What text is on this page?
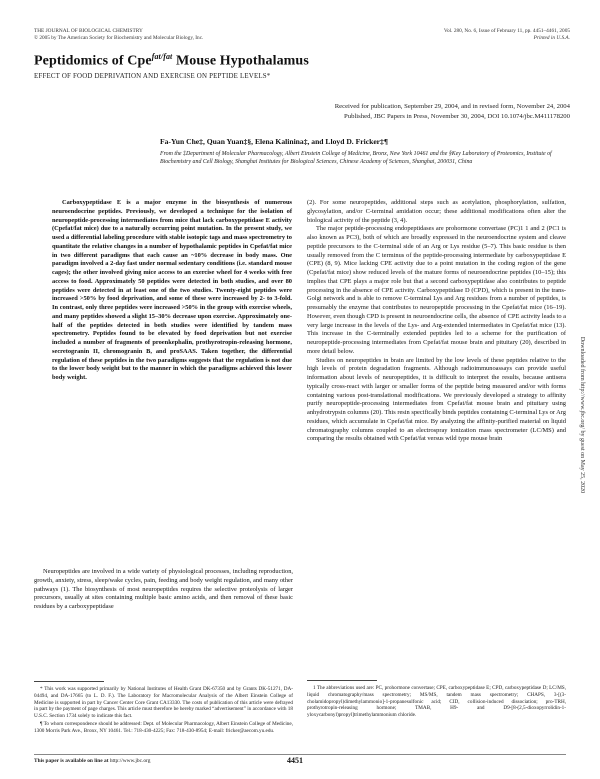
THE JOURNAL OF BIOLOGICAL CHEMISTRY
© 2005 by The American Society for Biochemistry and Molecular Biology, Inc.
Vol. 280, No. 6, Issue of February 11, pp. 4451–4461, 2005
Printed in U.S.A.
Peptidomics of Cpe$^{fat/fat}$ Mouse Hypothalamus
EFFECT OF FOOD DEPRIVATION AND EXERCISE ON PEPTIDE LEVELS*
Received for publication, September 29, 2004, and in revised form, November 24, 2004
Published, JBC Papers in Press, November 30, 2004, DOI 10.1074/jbc.M411178200
Fa-Yun Che‡, Quan Yuan‡§, Elena Kalinina‡, and Lloyd D. Fricker‡¶
From the ‡Department of Molecular Pharmacology, Albert Einstein College of Medicine, Bronx, New York 10461 and the §Key Laboratory of Proteomics, Institute of Biochemistry and Cell Biology, Shanghai Institutes for Biological Sciences, Chinese Academy of Sciences, Shanghai, 200031, China
Carboxypeptidase E is a major enzyme in the biosynthesis of numerous neuroendocrine peptides. Previously, we developed a technique for the isolation of neuropeptide-processing intermediates from mice that lack carboxypeptidase E activity (Cpefat/fat mice) due to a naturally occurring point mutation. In the present study, we used a differential labeling procedure with stable isotopic tags and mass spectrometry to quantitate the relative changes in a number of hypothalamic peptides in Cpefat/fat mice in two different paradigms that each cause an ~10% decrease in body mass. One paradigm involved a 2-day fast under normal sedentary conditions (i.e. standard mouse cages); the other involved giving mice access to an exercise wheel for 4 weeks with free access to food. Approximately 50 peptides were detected in both studies, and over 80 peptides were detected in at least one of the two studies. Twenty-eight peptides were increased >50% by food deprivation, and some of these were increased by 2- to 3-fold. In contrast, only three peptides were increased >50% in the group with exercise wheels, and many peptides showed a slight 15–30% decrease upon exercise. Approximately one-half of the peptides detected in both studies were identified by tandem mass spectrometry. Peptides found to be elevated by food deprivation but not exercise included a number of fragments of proenkephalin, prothyrotropin-releasing hormone, secretogranin II, chromogranin B, and proSAAS. Taken together, the differential regulation of these peptides in the two paradigms suggests that the regulation is not due to the lower body weight but to the manner in which the paradigms achieved this lower body weight.
Neuropeptides are involved in a wide variety of physiological processes, including reproduction, growth, anxiety, stress, sleep/wake cycles, pain, feeding and body weight regulation, and many other pathways (1). The biosynthesis of most neuropeptides requires the selective proteolysis of larger precursors, usually at sites containing multiple basic amino acids, and then removal of these basic residues by a carboxypeptidase

* This work was supported primarily by National Institutes of Health Grant DK-67350 and by Grants DK-51271, DA-04494, and DA-17665 (to L. D. F.). The Laboratory for Macromolecular Analysis of the Albert Einstein College of Medicine is supported in part by Cancer Center Core Grant CA13330. The costs of publication of this article were defrayed in part by the payment of page charges. This article must therefore be hereby marked “advertisement” in accordance with 18 U.S.C. Section 1734 solely to indicate this fact.

¶ To whom correspondence should be addressed: Dept. of Molecular Pharmacology, Albert Einstein College of Medicine, 1300 Morris Park Ave., Bronx, NY 10461. Tel.: 718-430-4225; Fax: 718-430-8954; E-mail: fricker@aecom.yu.edu.

(2). For some neuropeptides, additional steps such as acetylation, phosphorylation, sulfation, glycosylation, and/or C-terminal amidation occur; these additional modifications often alter the biological activity of the peptide (3, 4).

The major peptide-processing endopeptidases are prohormone convertase (PC)1 1 and 2 (PC1 is also known as PC3), both of which are broadly expressed in the neuroendocrine system and cleave peptide precursors to the C-terminal side of an Arg or Lys residue (5–7). This basic residue is then usually removed from the C terminus of the peptide-processing intermediate by carboxypeptidase E (CPE) (8, 9). Mice lacking CPE activity due to a point mutation in the coding region of the gene (Cpefat/fat mice) show reduced levels of the mature forms of neuroendocrine peptides (10–15); this implies that CPE plays a major role but that a second carboxypeptidase also contributes to peptide processing in the absence of CPE activity. Carboxypeptidase D (CPD), which is present in the trans-Golgi network and is able to remove C-terminal Lys and Arg residues from a number of peptides, is presumably the enzyme that contributes to neuropeptide processing in the Cpefat/fat mice (16–19). However, even though CPD is present in neuroendocrine cells, the absence of CPE activity leads to a very large increase in the levels of the Lys- and Arg-extended intermediates in Cpefat/fat mice (13). This increase in the C-terminally extended peptides led to a scheme for the purification of neuropeptide-processing intermediates from Cpefat/fat mouse brain and pituitary (20), described in more detail below.

Studies on neuropeptides in brain are limited by the low levels of these peptides relative to the high levels of protein degradation fragments. Although radioimmunoassays can provide useful information about levels of neuropeptides, it is difficult to interpret the results, because antisera typically cross-react with larger or smaller forms of the peptide being measured and/or with forms containing various post-translational modifications. We previously developed a strategy to affinity purify neuropeptide-processing intermediates from Cpefat/fat mouse brain and pituitary using anhydrotrypsin columns (20). This resin specifically binds peptides containing C-terminal Lys or Arg residues, which accumulate in Cpefat/fat mice. By analyzing the affinity-purified material on liquid chromatography columns coupled to an electrospray ionization mass spectrometer (LC/MS) and comparing the results obtained with Cpefat/fat versus wild type mouse brain

1 The abbreviations used are: PC, prohormone convertase; CPE, carboxypeptidase E; CPD, carboxypeptidase D; LC/MS, liquid chromatography/mass spectrometry; MS/MS, tandem mass spectrometry; CHAPS, 3-[(3-cholamidopropyl)dimethylammonio]-1-propanesulfonic acid; CID, collision-induced dissociation; pro-TRH, prothyrotropin-releasing hormone; TMAB, H9- and D9-[8-(2,5-dioxopyrrolidin-1-yloxycarbonyl)propyl]trimethylammonium chloride.
Downloaded from http://www.jbc.org/ by guest on May 25, 2020
This paper is available on line at http://www.jbc.org	4451
